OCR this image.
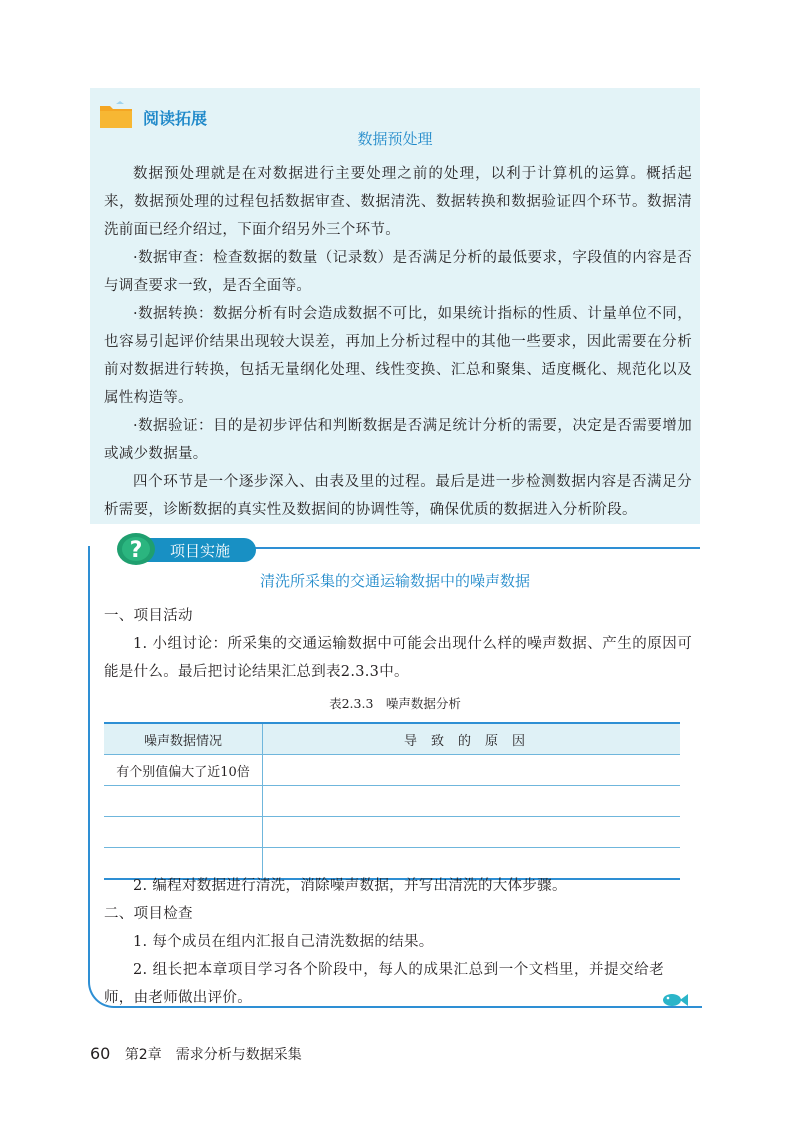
阅读拓展
数据预处理

数据预处理就是在对数据进行主要处理之前的处理，以利于计算机的运算。概括起来，数据预处理的过程包括数据审查、数据清洗、数据转换和数据验证四个环节。数据清洗前面已经介绍过，下面介绍另外三个环节。

·数据审查：检查数据的数量（记录数）是否满足分析的最低要求，字段值的内容是否与调查要求一致，是否全面等。

·数据转换：数据分析有时会造成数据不可比，如果统计指标的性质、计量单位不同，也容易引起评价结果出现较大误差，再加上分析过程中的其他一些要求，因此需要在分析前对数据进行转换，包括无量纲化处理、线性变换、汇总和聚集、适度概化、规范化以及属性构造等。

·数据验证：目的是初步评估和判断数据是否满足统计分析的需要，决定是否需要增加或减少数据量。

四个环节是一个逐步深入、由表及里的过程。最后是进一步检测数据内容是否满足分析需要，诊断数据的真实性及数据间的协调性等，确保优质的数据进入分析阶段。

? 项目实施
清洗所采集的交通运输数据中的噪声数据

一、项目活动

1. 小组讨论：所采集的交通运输数据中可能会出现什么样的噪声数据、产生的原因可能是什么。最后把讨论结果汇总到表2.3.3中。

表2.3.3　噪声数据分析
噪声数据情况	导致的原因
有个别值偏大了近10倍	

2. 编程对数据进行清洗，消除噪声数据，并写出清洗的大体步骤。

二、项目检查

1. 每个成员在组内汇报自己清洗数据的结果。

2. 组长把本章项目学习各个阶段中，每人的成果汇总到一个文档里，并提交给老师，由老师做出评价。

60 第2章　需求分析与数据采集
